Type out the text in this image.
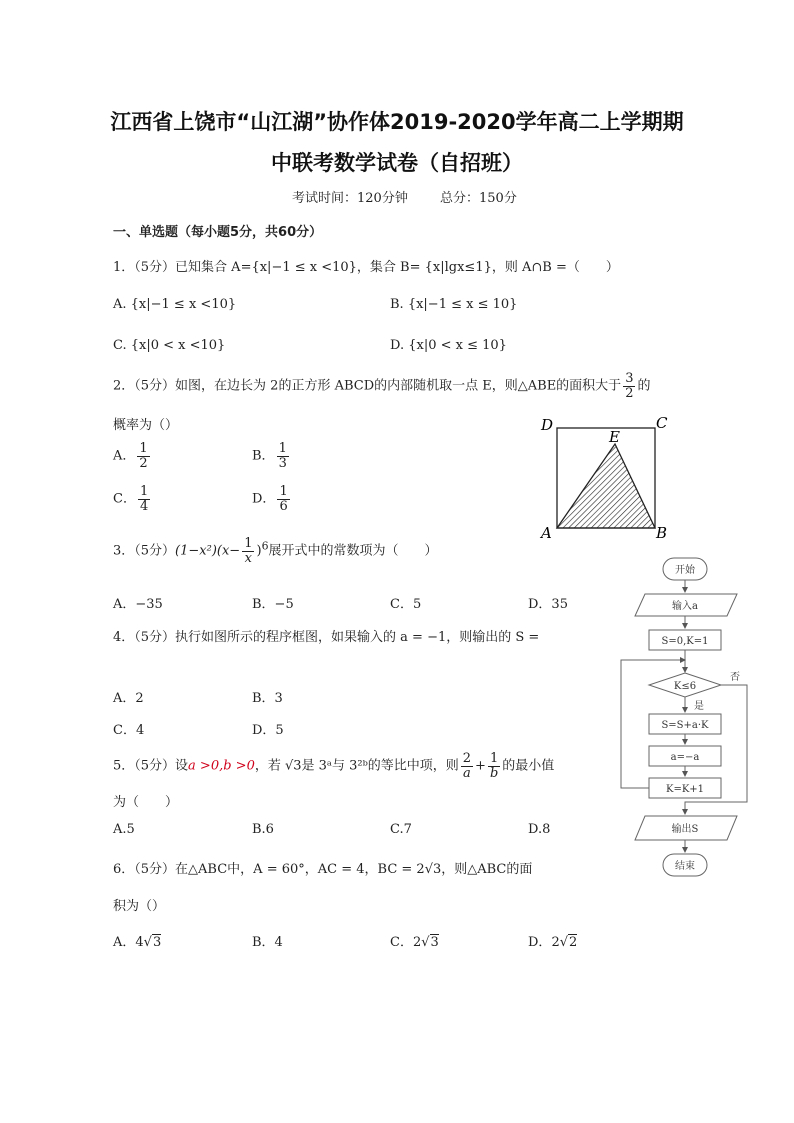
江西省上饶市“山江湖”协作体2019-2020学年高二上学期期
中联考数学试卷（自招班）
考试时间：120分钟 总分：150分
一、单选题（每小题5分，共60分）
1．（5分）已知集合 A={x|−1 ≤ x <10}，集合 B= {x|lgx≤1}，则 A∩B =（　　）
A. {x|−1 ≤ x <10}	B. {x|−1 ≤ x ≤ 10}
C. {x|0 < x <10}	D. {x|0 < x ≤ 10}
2．（5分）如图，在边长为 2的正方形 ABCD的内部随机取一点 E，则△ABE的面积大于 $\frac{3}{2}$ 的
概率为（）
A． $\frac{1}{2}$	B． $\frac{1}{3}$
C． $\frac{1}{4}$	D． $\frac{1}{6}$
D	C
E
A	B
3．（5分）$(1-x^2)(x- \frac{1}{x} )^6$展开式中的常数项为（　　）
A．−35	B．−5	C．5	D．35
4．（5分）执行如图所示的程序框图，如果输入的 a = −1，则输出的 S =
A．2	B．3
C．4	D．5
开始
输入a
S=0,K=1
K≤6
是
否
S=S+a·K
a=−a
K=K+1
输出S
结束
5．（5分）设a >0,b >0，若 √3是 3ᵃ与 3²ᵇ的等比中项，则 $\frac{2}{a} + \frac{1}{b}$ 的最小值
为（　　）
A.5	B.6	C.7	D.8
6．（5分）在△ABC中，A = 60°，AC = 4，BC = 2√3，则△ABC的面
积为（）
A．4√3	B．4	C．2√3	D．2√2
